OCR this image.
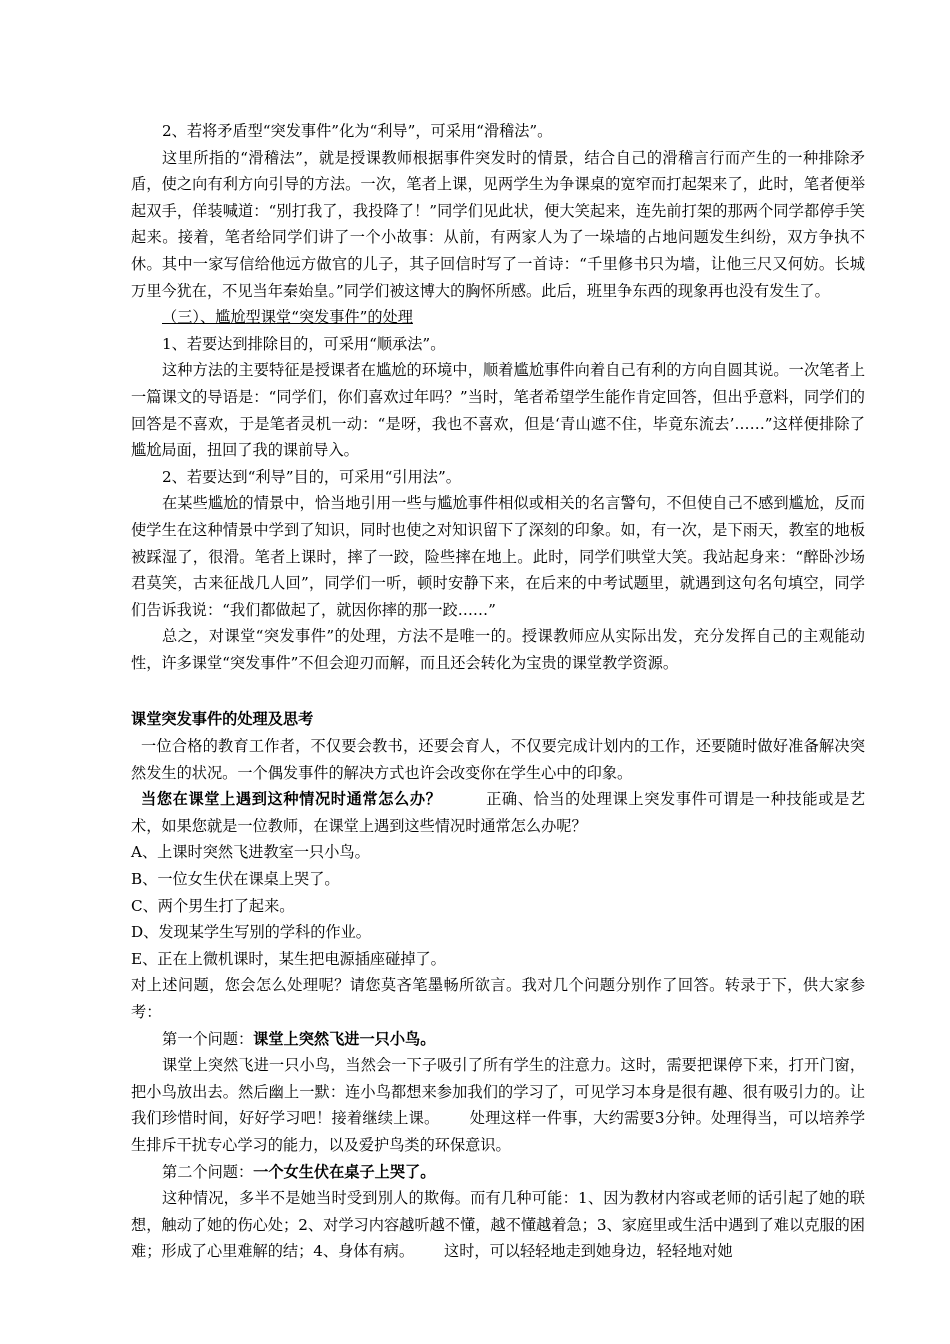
2、若将矛盾型“突发事件”化为“利导”，可采用“滑稽法”。

这里所指的“滑稽法”，就是授课教师根据事件突发时的情景，结合自己的滑稽言行而产生的一种排除矛盾，使之向有利方向引导的方法。一次，笔者上课，见两学生为争课桌的宽窄而打起架来了，此时，笔者便举起双手，佯装喊道：“别打我了，我投降了！”同学们见此状，便大笑起来，连先前打架的那两个同学都停手笑起来。接着，笔者给同学们讲了一个小故事：从前，有两家人为了一垛墙的占地问题发生纠纷，双方争执不休。其中一家写信给他远方做官的儿子，其子回信时写了一首诗：“千里修书只为墙，让他三尺又何妨。长城万里今犹在，不见当年秦始皇。”同学们被这博大的胸怀所感。此后，班里争东西的现象再也没有发生了。

（三）、尴尬型课堂“突发事件”的处理

1、若要达到排除目的，可采用“顺承法”。

这种方法的主要特征是授课者在尴尬的环境中，顺着尴尬事件向着自己有利的方向自圆其说。一次笔者上一篇课文的导语是：“同学们，你们喜欢过年吗？”当时，笔者希望学生能作肯定回答，但出乎意料，同学们的回答是不喜欢，于是笔者灵机一动：“是呀，我也不喜欢，但是‘青山遮不住，毕竟东流去’……”这样便排除了尴尬局面，扭回了我的课前导入。

2、若要达到“利导”目的，可采用“引用法”。

在某些尴尬的情景中，恰当地引用一些与尴尬事件相似或相关的名言警句，不但使自己不感到尴尬，反而使学生在这种情景中学到了知识，同时也使之对知识留下了深刻的印象。如，有一次，是下雨天，教室的地板被踩湿了，很滑。笔者上课时，摔了一跤，险些摔在地上。此时，同学们哄堂大笑。我站起身来：“醉卧沙场君莫笑，古来征战几人回”，同学们一听，顿时安静下来，在后来的中考试题里，就遇到这句名句填空，同学们告诉我说：“我们都做起了，就因你摔的那一跤……”

总之，对课堂“突发事件”的处理，方法不是唯一的。授课教师应从实际出发，充分发挥自己的主观能动性，许多课堂“突发事件”不但会迎刃而解，而且还会转化为宝贵的课堂教学资源。

课堂突发事件的处理及思考

一位合格的教育工作者，不仅要会教书，还要会育人，不仅要完成计划内的工作，还要随时做好准备解决突然发生的状况。一个偶发事件的解决方式也许会改变你在学生心中的印象。

当您在课堂上遇到这种情况时通常怎么办？	正确、恰当的处理课上突发事件可谓是一种技能或是艺术，如果您就是一位教师，在课堂上遇到这些情况时通常怎么办呢？

A、上课时突然飞进教室一只小鸟。

B、一位女生伏在课桌上哭了。

C、两个男生打了起来。

D、发现某学生写别的学科的作业。

E、正在上微机课时，某生把电源插座碰掉了。

对上述问题，您会怎么处理呢？请您莫吝笔墨畅所欲言。我对几个问题分别作了回答。转录于下，供大家参考：

第一个问题：课堂上突然飞进一只小鸟。

课堂上突然飞进一只小鸟，当然会一下子吸引了所有学生的注意力。这时，需要把课停下来，打开门窗，把小鸟放出去。然后幽上一默：连小鸟都想来参加我们的学习了，可见学习本身是很有趣、很有吸引力的。让我们珍惜时间，好好学习吧！接着继续上课。 处理这样一件事，大约需要3分钟。处理得当，可以培养学生排斥干扰专心学习的能力，以及爱护鸟类的环保意识。

第二个问题：一个女生伏在桌子上哭了。

这种情况，多半不是她当时受到別人的欺侮。而有几种可能：1、因为教材内容或老师的话引起了她的联想，触动了她的伤心处；2、对学习内容越听越不懂，越不懂越着急；3、家庭里或生活中遇到了难以克服的困难；形成了心里难解的结；4、身体有病。 这时，可以轻轻地走到她身边，轻轻地对她
